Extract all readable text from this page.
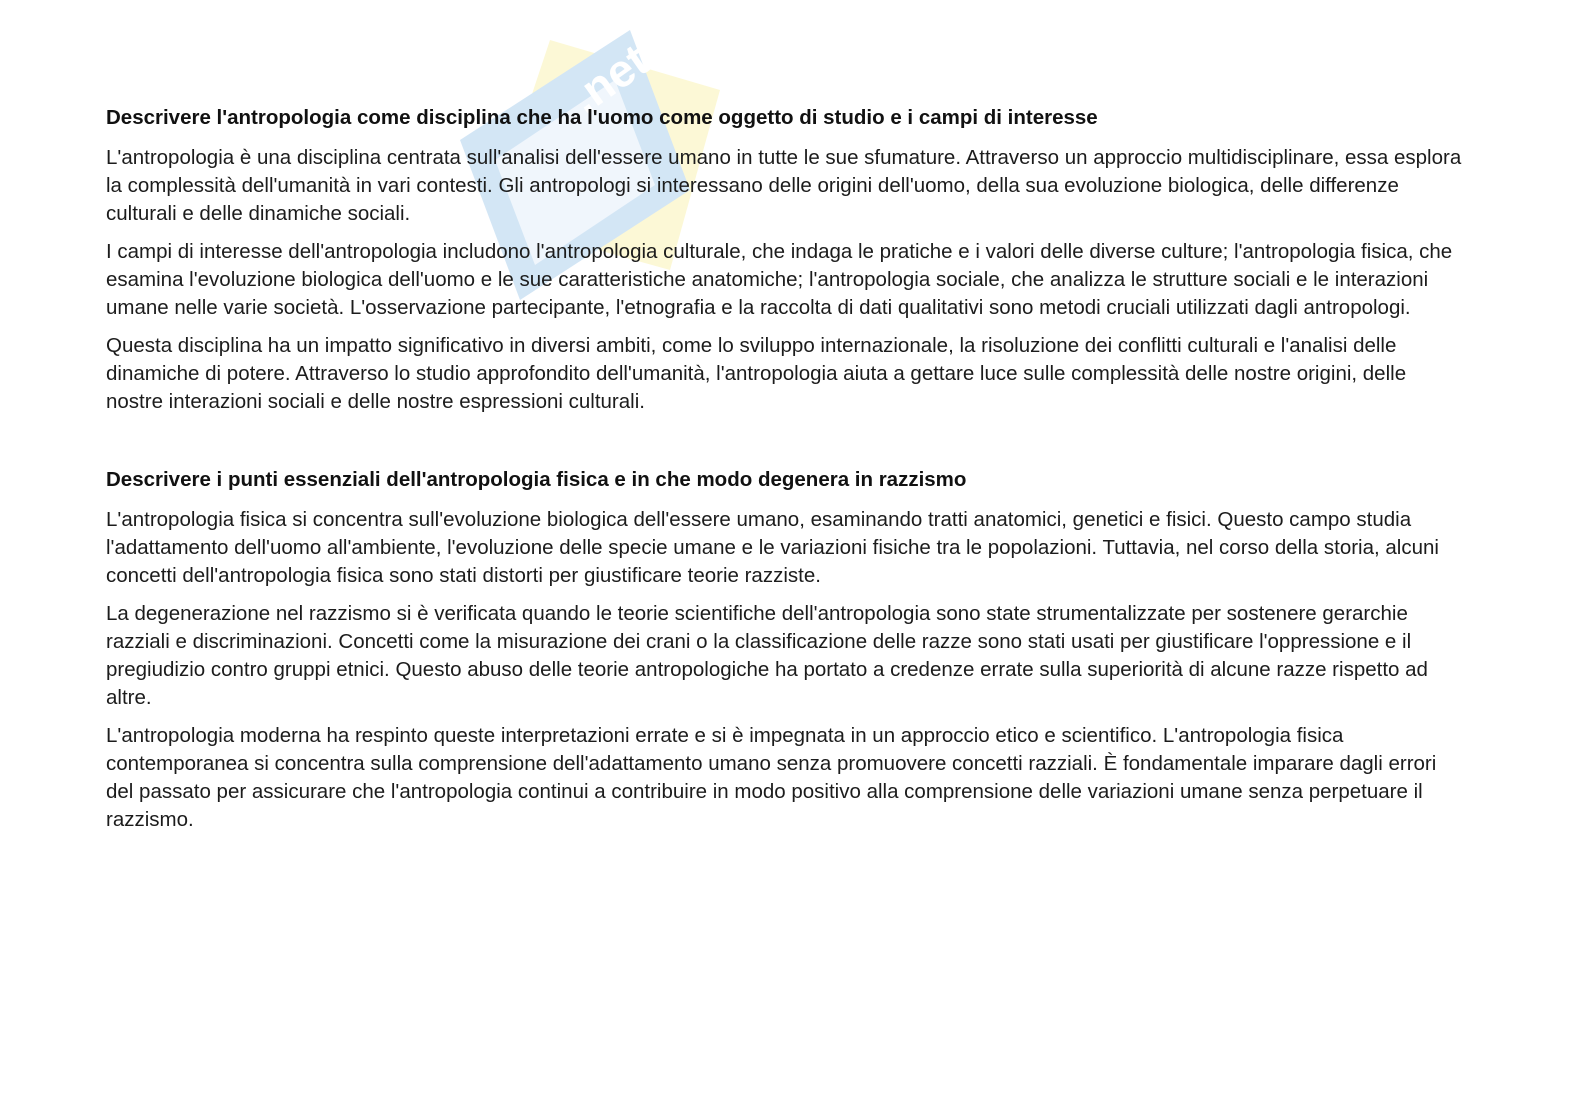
.net
Descrivere l'antropologia come disciplina che ha l'uomo come oggetto di studio e i campi di interesse

L'antropologia è una disciplina centrata sull'analisi dell'essere umano in tutte le sue sfumature. Attraverso un approccio multidisciplinare, essa esplora la complessità dell'umanità in vari contesti. Gli antropologi si interessano delle origini dell'uomo, della sua evoluzione biologica, delle differenze culturali e delle dinamiche sociali.

I campi di interesse dell'antropologia includono l'antropologia culturale, che indaga le pratiche e i valori delle diverse culture; l'antropologia fisica, che esamina l'evoluzione biologica dell'uomo e le sue caratteristiche anatomiche; l'antropologia sociale, che analizza le strutture sociali e le interazioni umane nelle varie società. L'osservazione partecipante, l'etnografia e la raccolta di dati qualitativi sono metodi cruciali utilizzati dagli antropologi.

Questa disciplina ha un impatto significativo in diversi ambiti, come lo sviluppo internazionale, la risoluzione dei conflitti culturali e l'analisi delle dinamiche di potere. Attraverso lo studio approfondito dell'umanità, l'antropologia aiuta a gettare luce sulle complessità delle nostre origini, delle nostre interazioni sociali e delle nostre espressioni culturali.

Descrivere i punti essenziali dell'antropologia fisica e in che modo degenera in razzismo

L'antropologia fisica si concentra sull'evoluzione biologica dell'essere umano, esaminando tratti anatomici, genetici e fisici. Questo campo studia l'adattamento dell'uomo all'ambiente, l'evoluzione delle specie umane e le variazioni fisiche tra le popolazioni. Tuttavia, nel corso della storia, alcuni concetti dell'antropologia fisica sono stati distorti per giustificare teorie razziste.

La degenerazione nel razzismo si è verificata quando le teorie scientifiche dell'antropologia sono state strumentalizzate per sostenere gerarchie razziali e discriminazioni. Concetti come la misurazione dei crani o la classificazione delle razze sono stati usati per giustificare l'oppressione e il pregiudizio contro gruppi etnici. Questo abuso delle teorie antropologiche ha portato a credenze errate sulla superiorità di alcune razze rispetto ad altre.

L'antropologia moderna ha respinto queste interpretazioni errate e si è impegnata in un approccio etico e scientifico. L'antropologia fisica contemporanea si concentra sulla comprensione dell'adattamento umano senza promuovere concetti razziali. È fondamentale imparare dagli errori del passato per assicurare che l'antropologia continui a contribuire in modo positivo alla comprensione delle variazioni umane senza perpetuare il razzismo.
